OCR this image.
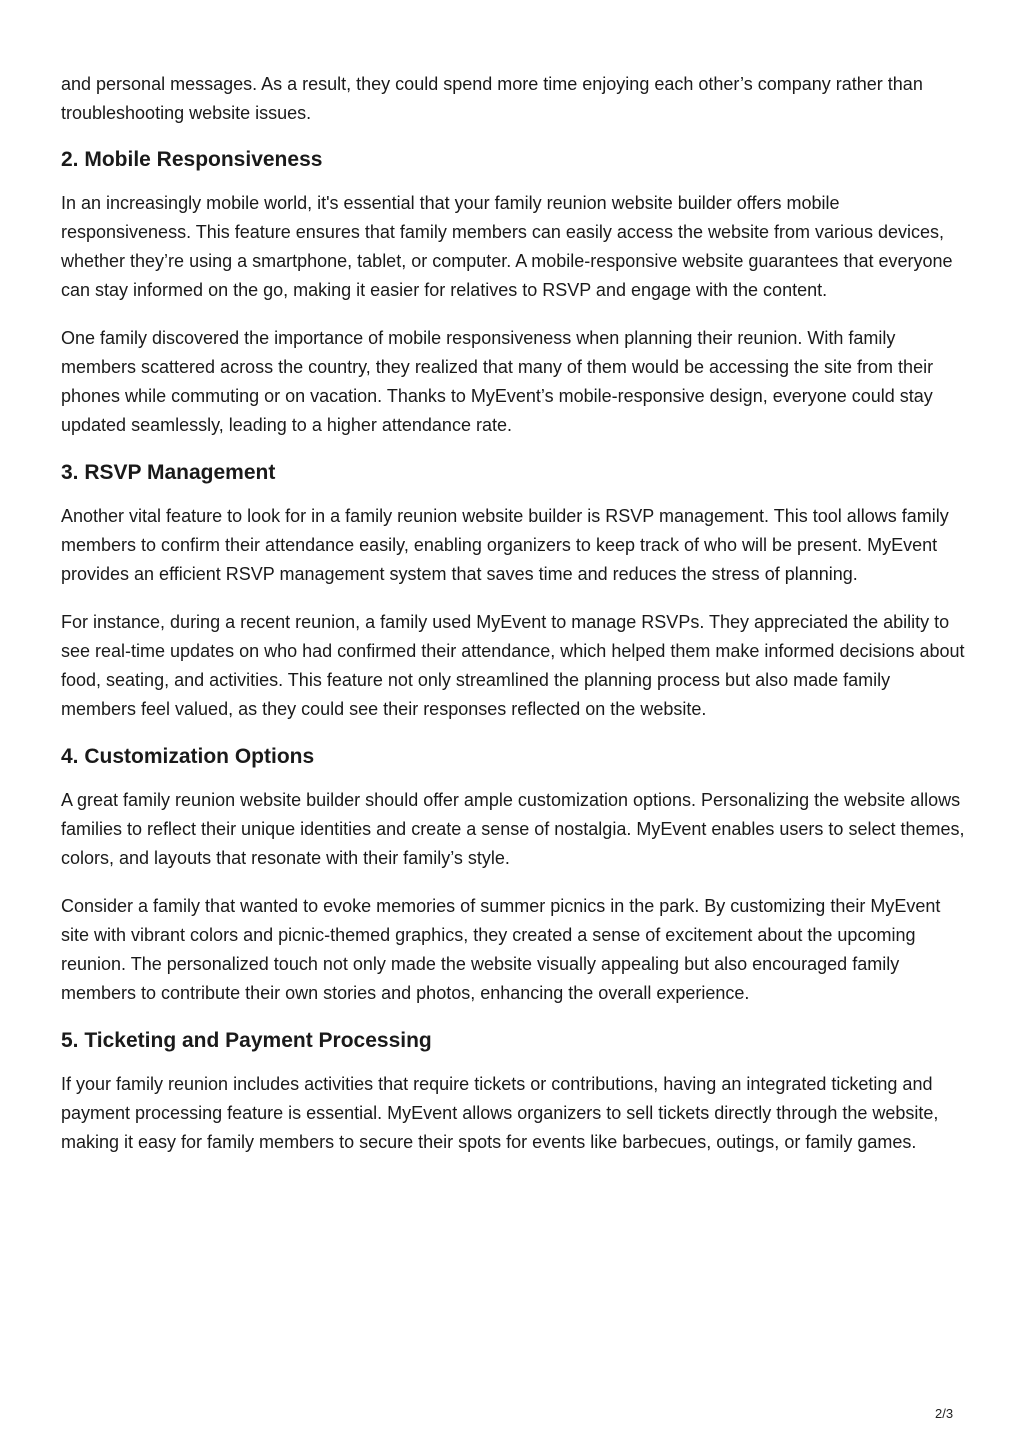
and personal messages. As a result, they could spend more time enjoying each other’s company rather than troubleshooting website issues.

2. Mobile Responsiveness

In an increasingly mobile world, it's essential that your family reunion website builder offers mobile responsiveness. This feature ensures that family members can easily access the website from various devices, whether they’re using a smartphone, tablet, or computer. A mobile-responsive website guarantees that everyone can stay informed on the go, making it easier for relatives to RSVP and engage with the content.

One family discovered the importance of mobile responsiveness when planning their reunion. With family members scattered across the country, they realized that many of them would be accessing the site from their phones while commuting or on vacation. Thanks to MyEvent’s mobile-responsive design, everyone could stay updated seamlessly, leading to a higher attendance rate.

3. RSVP Management

Another vital feature to look for in a family reunion website builder is RSVP management. This tool allows family members to confirm their attendance easily, enabling organizers to keep track of who will be present. MyEvent provides an efficient RSVP management system that saves time and reduces the stress of planning.

For instance, during a recent reunion, a family used MyEvent to manage RSVPs. They appreciated the ability to see real-time updates on who had confirmed their attendance, which helped them make informed decisions about food, seating, and activities. This feature not only streamlined the planning process but also made family members feel valued, as they could see their responses reflected on the website.

4. Customization Options

A great family reunion website builder should offer ample customization options. Personalizing the website allows families to reflect their unique identities and create a sense of nostalgia. MyEvent enables users to select themes, colors, and layouts that resonate with their family’s style.

Consider a family that wanted to evoke memories of summer picnics in the park. By customizing their MyEvent site with vibrant colors and picnic-themed graphics, they created a sense of excitement about the upcoming reunion. The personalized touch not only made the website visually appealing but also encouraged family members to contribute their own stories and photos, enhancing the overall experience.

5. Ticketing and Payment Processing

If your family reunion includes activities that require tickets or contributions, having an integrated ticketing and payment processing feature is essential. MyEvent allows organizers to sell tickets directly through the website, making it easy for family members to secure their spots for events like barbecues, outings, or family games.

2/3
